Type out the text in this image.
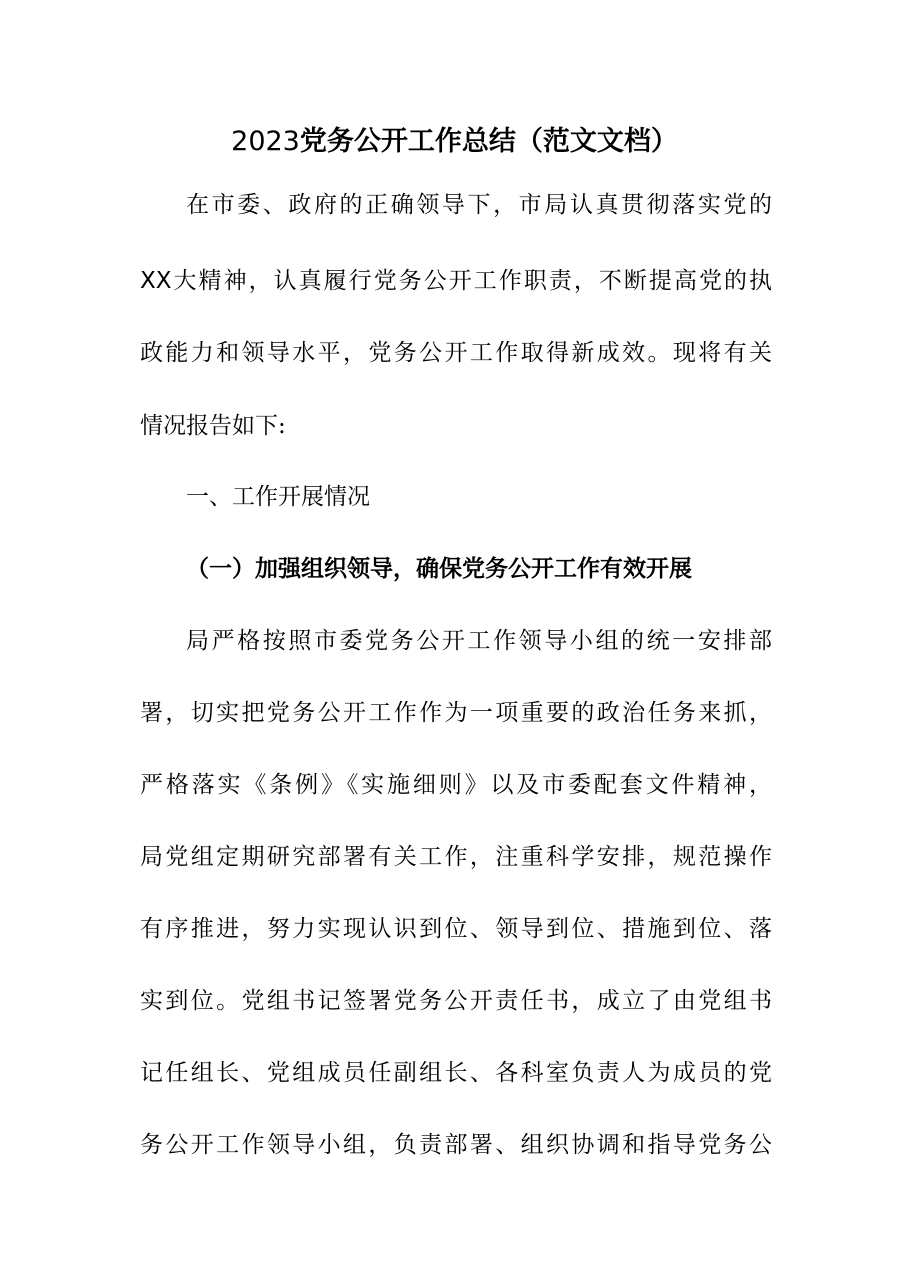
2023党务公开工作总结（范文文档）
在市委、政府的正确领导下，市局认真贯彻落实党的
XX大精神，认真履行党务公开工作职责，不断提高党的执
政能力和领导水平，党务公开工作取得新成效。现将有关
情况报告如下:
一、工作开展情况
（一）加强组织领导，确保党务公开工作有效开展
局严格按照市委党务公开工作领导小组的统一安排部
署，切实把党务公开工作作为一项重要的政治任务来抓，
严格落实《条例》《实施细则》以及市委配套文件精神，
局党组定期研究部署有关工作，注重科学安排，规范操作
有序推进，努力实现认识到位、领导到位、措施到位、落
实到位。党组书记签署党务公开责任书，成立了由党组书
记任组长、党组成员任副组长、各科室负责人为成员的党
务公开工作领导小组，负责部署、组织协调和指导党务公
